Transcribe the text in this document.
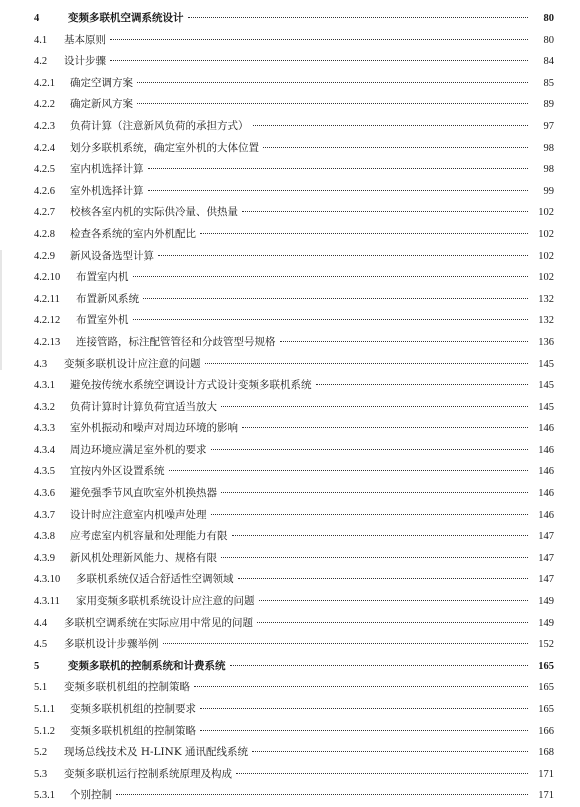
4	变频多联机空调系统设计	80
4.1	基本原则	80
4.2	设计步骤	84
4.2.1	确定空调方案	85
4.2.2	确定新风方案	89
4.2.3	负荷计算（注意新风负荷的承担方式）	97
4.2.4	划分多联机系统，确定室外机的大体位置	98
4.2.5	室内机选择计算	98
4.2.6	室外机选择计算	99
4.2.7	校核各室内机的实际供冷量、供热量	102
4.2.8	检查各系统的室内外机配比	102
4.2.9	新风设备选型计算	102
4.2.10	布置室内机	102
4.2.11	布置新风系统	132
4.2.12	布置室外机	132
4.2.13	连接管路，标注配管管径和分歧管型号规格	136
4.3	变频多联机设计应注意的问题	145
4.3.1	避免按传统水系统空调设计方式设计变频多联机系统	145
4.3.2	负荷计算时计算负荷宜适当放大	145
4.3.3	室外机振动和噪声对周边环境的影响	146
4.3.4	周边环境应满足室外机的要求	146
4.3.5	宜按内外区设置系统	146
4.3.6	避免强季节风直吹室外机换热器	146
4.3.7	设计时应注意室内机噪声处理	146
4.3.8	应考虑室内机容量和处理能力有限	147
4.3.9	新风机处理新风能力、规格有限	147
4.3.10	多联机系统仅适合舒适性空调领域	147
4.3.11	家用变频多联机系统设计应注意的问题	149
4.4	多联机空调系统在实际应用中常见的问题	149
4.5	多联机设计步骤举例	152
5	变频多联机的控制系统和计费系统	165
5.1	变频多联机机组的控制策略	165
5.1.1	变频多联机机组的控制要求	165
5.1.2	变频多联机机组的控制策略	166
5.2	现场总线技术及 H-LINK 通讯配线系统	168
5.3	变频多联机运行控制系统原理及构成	171
5.3.1	个别控制	171
